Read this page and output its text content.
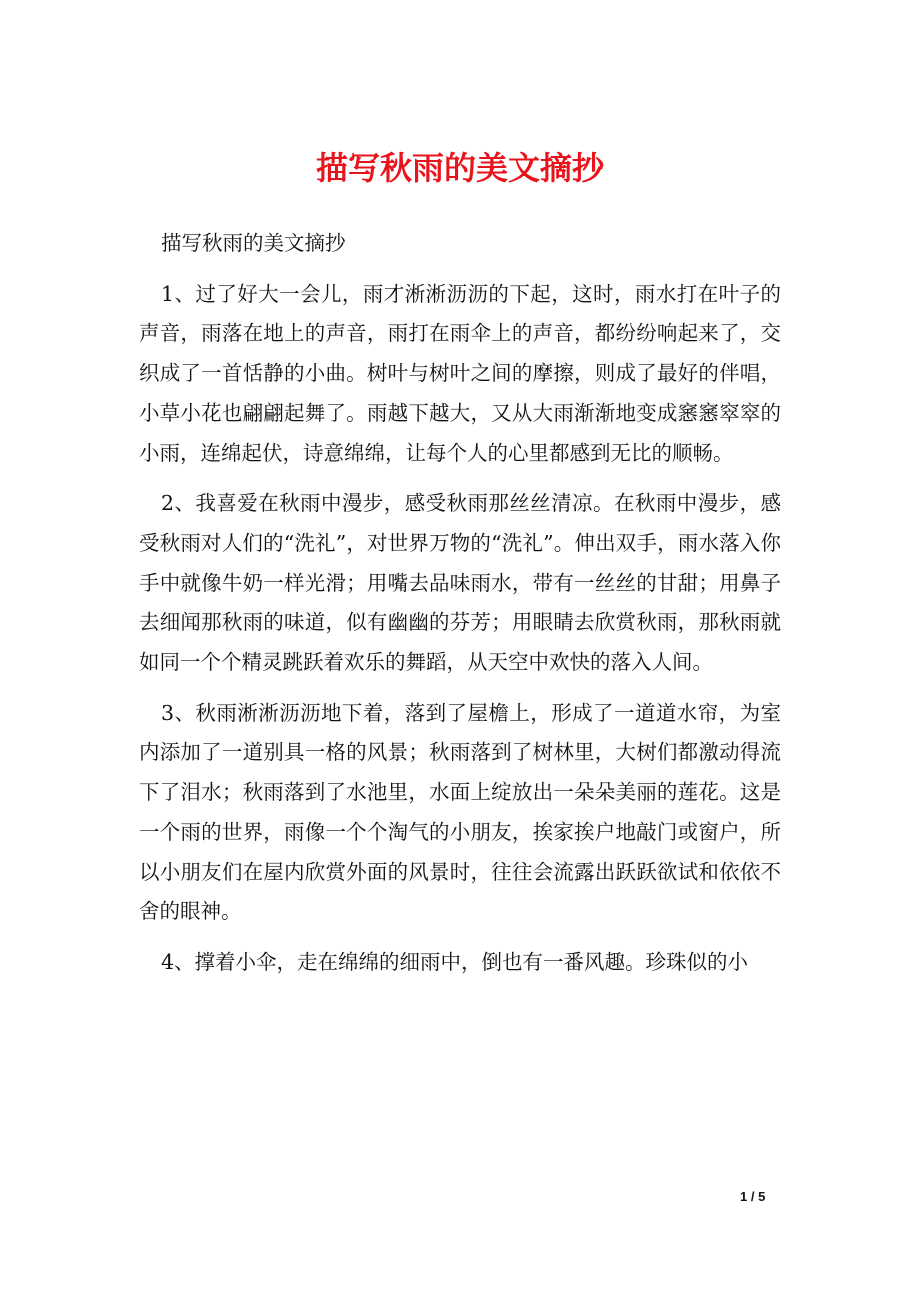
描写秋雨的美文摘抄

描写秋雨的美文摘抄

1、过了好大一会儿，雨才淅淅沥沥的下起，这时，雨水打在叶子的声音，雨落在地上的声音，雨打在雨伞上的声音，都纷纷响起来了，交织成了一首恬静的小曲。树叶与树叶之间的摩擦，则成了最好的伴唱，小草小花也翩翩起舞了。雨越下越大，又从大雨渐渐地变成窸窸窣窣的小雨，连绵起伏，诗意绵绵，让每个人的心里都感到无比的顺畅。

2、我喜爱在秋雨中漫步，感受秋雨那丝丝清凉。在秋雨中漫步，感受秋雨对人们的“洗礼”，对世界万物的“洗礼”。伸出双手，雨水落入你手中就像牛奶一样光滑；用嘴去品味雨水，带有一丝丝的甘甜；用鼻子去细闻那秋雨的味道，似有幽幽的芬芳；用眼睛去欣赏秋雨，那秋雨就如同一个个精灵跳跃着欢乐的舞蹈，从天空中欢快的落入人间。

3、秋雨淅淅沥沥地下着，落到了屋檐上，形成了一道道水帘，为室内添加了一道别具一格的风景；秋雨落到了树林里，大树们都激动得流下了泪水；秋雨落到了水池里，水面上绽放出一朵朵美丽的莲花。这是一个雨的世界，雨像一个个淘气的小朋友，挨家挨户地敲门或窗户，所以小朋友们在屋内欣赏外面的风景时，往往会流露出跃跃欲试和依依不舍的眼神。

4、撑着小伞，走在绵绵的细雨中，倒也有一番风趣。珍珠似的小

1 / 5
